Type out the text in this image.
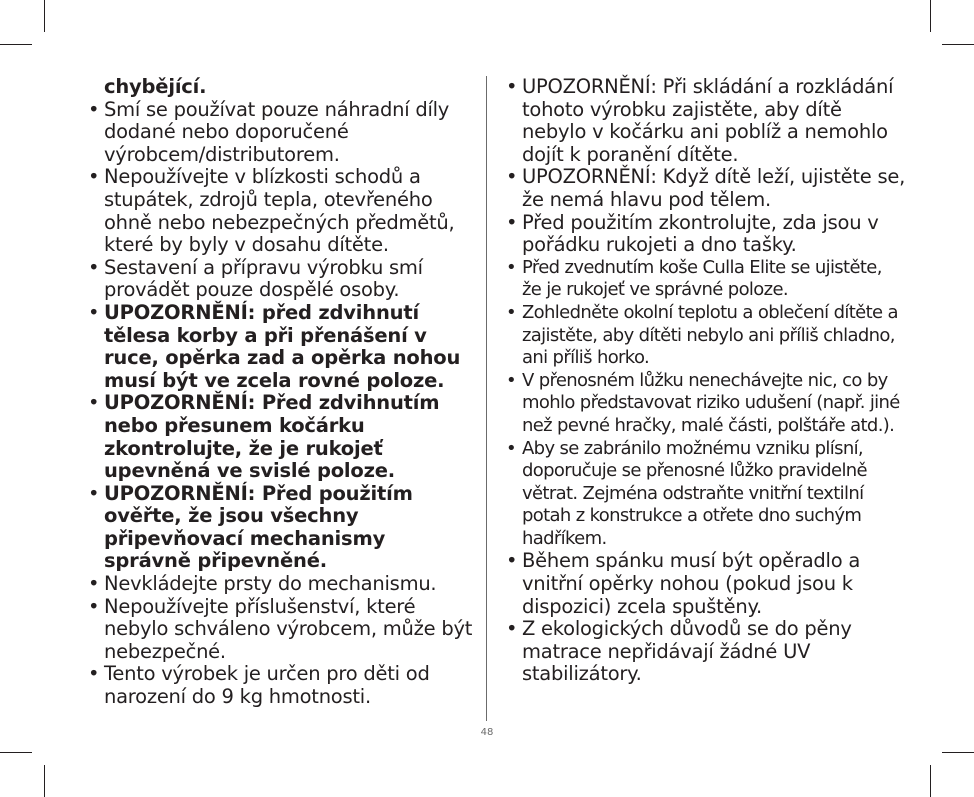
chybějící.
• Smí se používat pouze náhradní díly dodané nebo doporučené výrobcem/distributorem.
• Nepoužívejte v blízkosti schodů a stupátek, zdrojů tepla, otevřeného ohně nebo nebezpečných předmětů, které by byly v dosahu dítěte.
• Sestavení a přípravu výrobku smí provádět pouze dospělé osoby.
• UPOZORNĚNÍ: před zdvihnutí tělesa korby a při přenášení v ruce, opěrka zad a opěrka nohou musí být ve zcela rovné poloze.
• UPOZORNĚNÍ: Před zdvihnutím nebo přesunem kočárku zkontrolujte, že je rukojeť upevněná ve svislé poloze.
• UPOZORNĚNÍ: Před použitím ověřte, že jsou všechny připevňovací mechanismy správně připevněné.
• Nevkládejte prsty do mechanismu.
• Nepoužívejte příslušenství, které nebylo schváleno výrobcem, může být nebezpečné.
• Tento výrobek je určen pro děti od narození do 9 kg hmotnosti.
• UPOZORNĚNÍ: Při skládání a rozkládání tohoto výrobku zajistěte, aby dítě nebylo v kočárku ani poblíž a nemohlo dojít k poranění dítěte.
• UPOZORNĚNÍ: Když dítě leží, ujistěte se, že nemá hlavu pod tělem.
• Před použitím zkontrolujte, zda jsou v pořádku rukojeti a dno tašky.
• Před zvednutím koše Culla Elite se ujistěte, že je rukojeť ve správné poloze.
• Zohledněte okolní teplotu a oblečení dítěte a zajistěte, aby dítěti nebylo ani příliš chladno, ani příliš horko.
• V přenosném lůžku nenechávejte nic, co by mohlo představovat riziko udušení (např. jiné než pevné hračky, malé části, polštáře atd.).
• Aby se zabránilo možnému vzniku plísní, doporučuje se přenosné lůžko pravidelně větrat. Zejména odstraňte vnitřní textilní potah z konstrukce a otřete dno suchým hadříkem.
• Během spánku musí být opěradlo a vnitřní opěrky nohou (pokud jsou k dispozici) zcela spuštěny.
• Z ekologických důvodů se do pěny matrace nepřidávají žádné UV stabilizátory.
48
